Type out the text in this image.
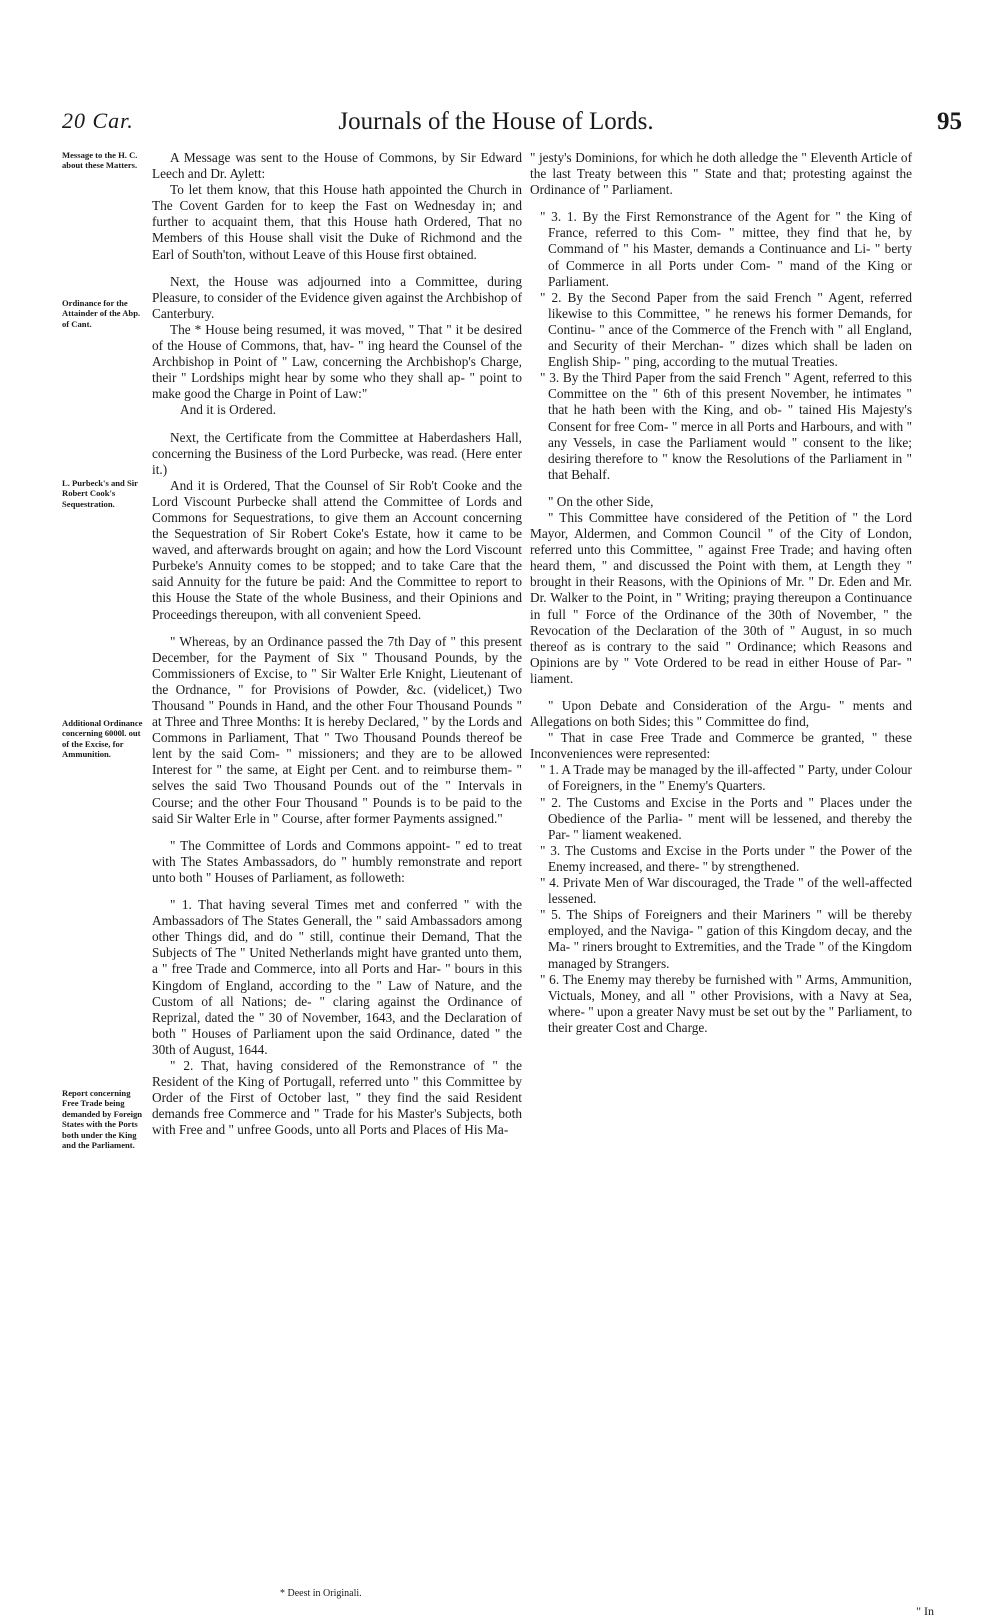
20 Car.	Journals of the House of Lords.	95
Message to the H. C. about these Matters.
Ordinance for the Attainder of the Abp. of Cant.
L. Purbeck's and Sir Robert Cook's Sequestration.
Additional Ordinance concerning 6000l. out of the Excise, for Ammunition.
Report concerning Free Trade being demanded by Foreign States with the Ports both under the King and the Parliament.

A Message was sent to the House of Commons, by Sir Edward Leech and Dr. Aylett:

To let them know, that this House hath appointed the Church in The Covent Garden for to keep the Fast on Wednesday in; and further to acquaint them, that this House hath Ordered, That no Members of this House shall visit the Duke of Richmond and the Earl of South'ton, without Leave of this House first obtained.

Next, the House was adjourned into a Committee, during Pleasure, to consider of the Evidence given against the Archbishop of Canterbury.

The * House being resumed, it was moved, " That " it be desired of the House of Commons, that, hav- " ing heard the Counsel of the Archbishop in Point of " Law, concerning the Archbishop's Charge, their " Lordships might hear by some who they shall ap- " point to make good the Charge in Point of Law:"

And it is Ordered.

Next, the Certificate from the Committee at Haberdashers Hall, concerning the Business of the Lord Purbecke, was read. (Here enter it.)

And it is Ordered, That the Counsel of Sir Rob't Cooke and the Lord Viscount Purbecke shall attend the Committee of Lords and Commons for Sequestrations, to give them an Account concerning the Sequestration of Sir Robert Coke's Estate, how it came to be waved, and afterwards brought on again; and how the Lord Viscount Purbeke's Annuity comes to be stopped; and to take Care that the said Annuity for the future be paid: And the Committee to report to this House the State of the whole Business, and their Opinions and Proceedings thereupon, with all convenient Speed.

" Whereas, by an Ordinance passed the 7th Day of " this present December, for the Payment of Six " Thousand Pounds, by the Commissioners of Excise, to " Sir Walter Erle Knight, Lieutenant of the Ordnance, " for Provisions of Powder, &c. (videlicet,) Two Thousand " Pounds in Hand, and the other Four Thousand Pounds " at Three and Three Months: It is hereby Declared, " by the Lords and Commons in Parliament, That " Two Thousand Pounds thereof be lent by the said Com- " missioners; and they are to be allowed Interest for " the same, at Eight per Cent. and to reimburse them- " selves the said Two Thousand Pounds out of the " Intervals in Course; and the other Four Thousand " Pounds is to be paid to the said Sir Walter Erle in " Course, after former Payments assigned."

" The Committee of Lords and Commons appoint- " ed to treat with The States Ambassadors, do " humbly remonstrate and report unto both " Houses of Parliament, as followeth:

" 1. That having several Times met and conferred " with the Ambassadors of The States Generall, the " said Ambassadors among other Things did, and do " still, continue their Demand, That the Subjects of The " United Netherlands might have granted unto them, a " free Trade and Commerce, into all Ports and Har- " bours in this Kingdom of England, according to the " Law of Nature, and the Custom of all Nations; de- " claring against the Ordinance of Reprizal, dated the " 30 of November, 1643, and the Declaration of both " Houses of Parliament upon the said Ordinance, dated " the 30th of August, 1644.

" 2. That, having considered of the Remonstrance of " the Resident of the King of Portugall, referred unto " this Committee by Order of the First of October last, " they find the said Resident demands free Commerce and " Trade for his Master's Subjects, both with Free and " unfree Goods, unto all Ports and Places of His Ma-

" jesty's Dominions, for which he doth alledge the " Eleventh Article of the last Treaty between this " State and that; protesting against the Ordinance of " Parliament.

" 3. 1. By the First Remonstrance of the Agent for " the King of France, referred to this Com- " mittee, they find that he, by Command of " his Master, demands a Continuance and Li- " berty of Commerce in all Ports under Com- " mand of the King or Parliament.

" 2. By the Second Paper from the said French " Agent, referred likewise to this Committee, " he renews his former Demands, for Continu- " ance of the Commerce of the French with " all England, and Security of their Merchan- " dizes which shall be laden on English Ship- " ping, according to the mutual Treaties.

" 3. By the Third Paper from the said French " Agent, referred to this Committee on the " 6th of this present November, he intimates " that he hath been with the King, and ob- " tained His Majesty's Consent for free Com- " merce in all Ports and Harbours, and with " any Vessels, in case the Parliament would " consent to the like; desiring therefore to " know the Resolutions of the Parliament in " that Behalf.

" On the other Side,

" This Committee have considered of the Petition of " the Lord Mayor, Aldermen, and Common Council " of the City of London, referred unto this Committee, " against Free Trade; and having often heard them, " and discussed the Point with them, at Length they " brought in their Reasons, with the Opinions of Mr. " Dr. Eden and Mr. Dr. Walker to the Point, in " Writing; praying thereupon a Continuance in full " Force of the Ordinance of the 30th of November, " the Revocation of the Declaration of the 30th of " August, in so much thereof as is contrary to the said " Ordinance; which Reasons and Opinions are by " Vote Ordered to be read in either House of Par- " liament.

" Upon Debate and Consideration of the Argu- " ments and Allegations on both Sides; this " Committee do find,

" That in case Free Trade and Commerce be granted, " these Inconveniences were represented:

" 1. A Trade may be managed by the ill-affected " Party, under Colour of Foreigners, in the " Enemy's Quarters.

" 2. The Customs and Excise in the Ports and " Places under the Obedience of the Parlia- " ment will be lessened, and thereby the Par- " liament weakened.

" 3. The Customs and Excise in the Ports under " the Power of the Enemy increased, and there- " by strengthened.

" 4. Private Men of War discouraged, the Trade " of the well-affected lessened.

" 5. The Ships of Foreigners and their Mariners " will be thereby employed, and the Naviga- " gation of this Kingdom decay, and the Ma- " riners brought to Extremities, and the Trade " of the Kingdom managed by Strangers.

" 6. The Enemy may thereby be furnished with " Arms, Ammunition, Victuals, Money, and all " other Provisions, with a Navy at Sea, where- " upon a greater Navy must be set out by the " Parliament, to their greater Cost and Charge.

* Deest in Originali.
" In
